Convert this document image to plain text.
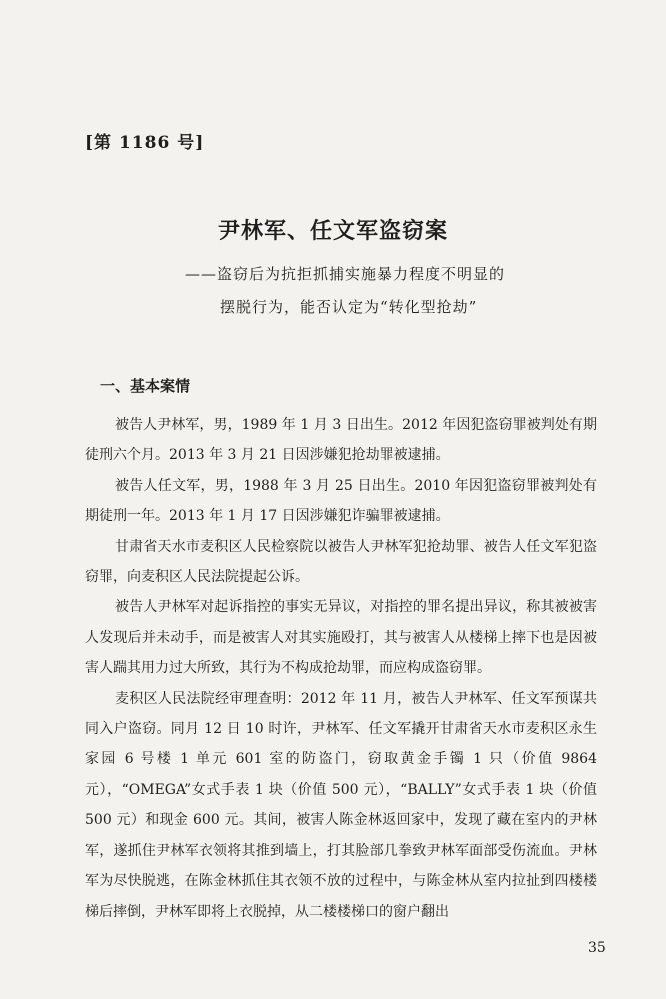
[第 1186 号]
尹林军、任文军盗窃案
——盗窃后为抗拒抓捕实施暴力程度不明显的
摆脱行为，能否认定为“转化型抢劫”
一、基本案情

被告人尹林军，男，1989 年 1 月 3 日出生。2012 年因犯盗窃罪被判处有期徒刑六个月。2013 年 3 月 21 日因涉嫌犯抢劫罪被逮捕。

被告人任文军，男，1988 年 3 月 25 日出生。2010 年因犯盗窃罪被判处有期徒刑一年。2013 年 1 月 17 日因涉嫌犯诈骗罪被逮捕。

甘肃省天水市麦积区人民检察院以被告人尹林军犯抢劫罪、被告人任文军犯盗窃罪，向麦积区人民法院提起公诉。

被告人尹林军对起诉指控的事实无异议，对指控的罪名提出异议，称其被被害人发现后并未动手，而是被害人对其实施殴打，其与被害人从楼梯上摔下也是因被害人踹其用力过大所致，其行为不构成抢劫罪，而应构成盗窃罪。

麦积区人民法院经审理查明：2012 年 11 月，被告人尹林军、任文军预谋共同入户盗窃。同月 12 日 10 时许，尹林军、任文军撬开甘肃省天水市麦积区永生家园 6 号楼 1 单元 601 室的防盗门，窃取黄金手镯 1 只（价值 9864 元），“OMEGA”女式手表 1 块（价值 500 元），“BALLY”女式手表 1 块（价值 500 元）和现金 600 元。其间，被害人陈金林返回家中，发现了藏在室内的尹林军，遂抓住尹林军衣领将其推到墙上，打其脸部几拳致尹林军面部受伤流血。尹林军为尽快脱逃，在陈金林抓住其衣领不放的过程中，与陈金林从室内拉扯到四楼楼梯后摔倒，尹林军即将上衣脱掉，从二楼楼梯口的窗户翻出

35
